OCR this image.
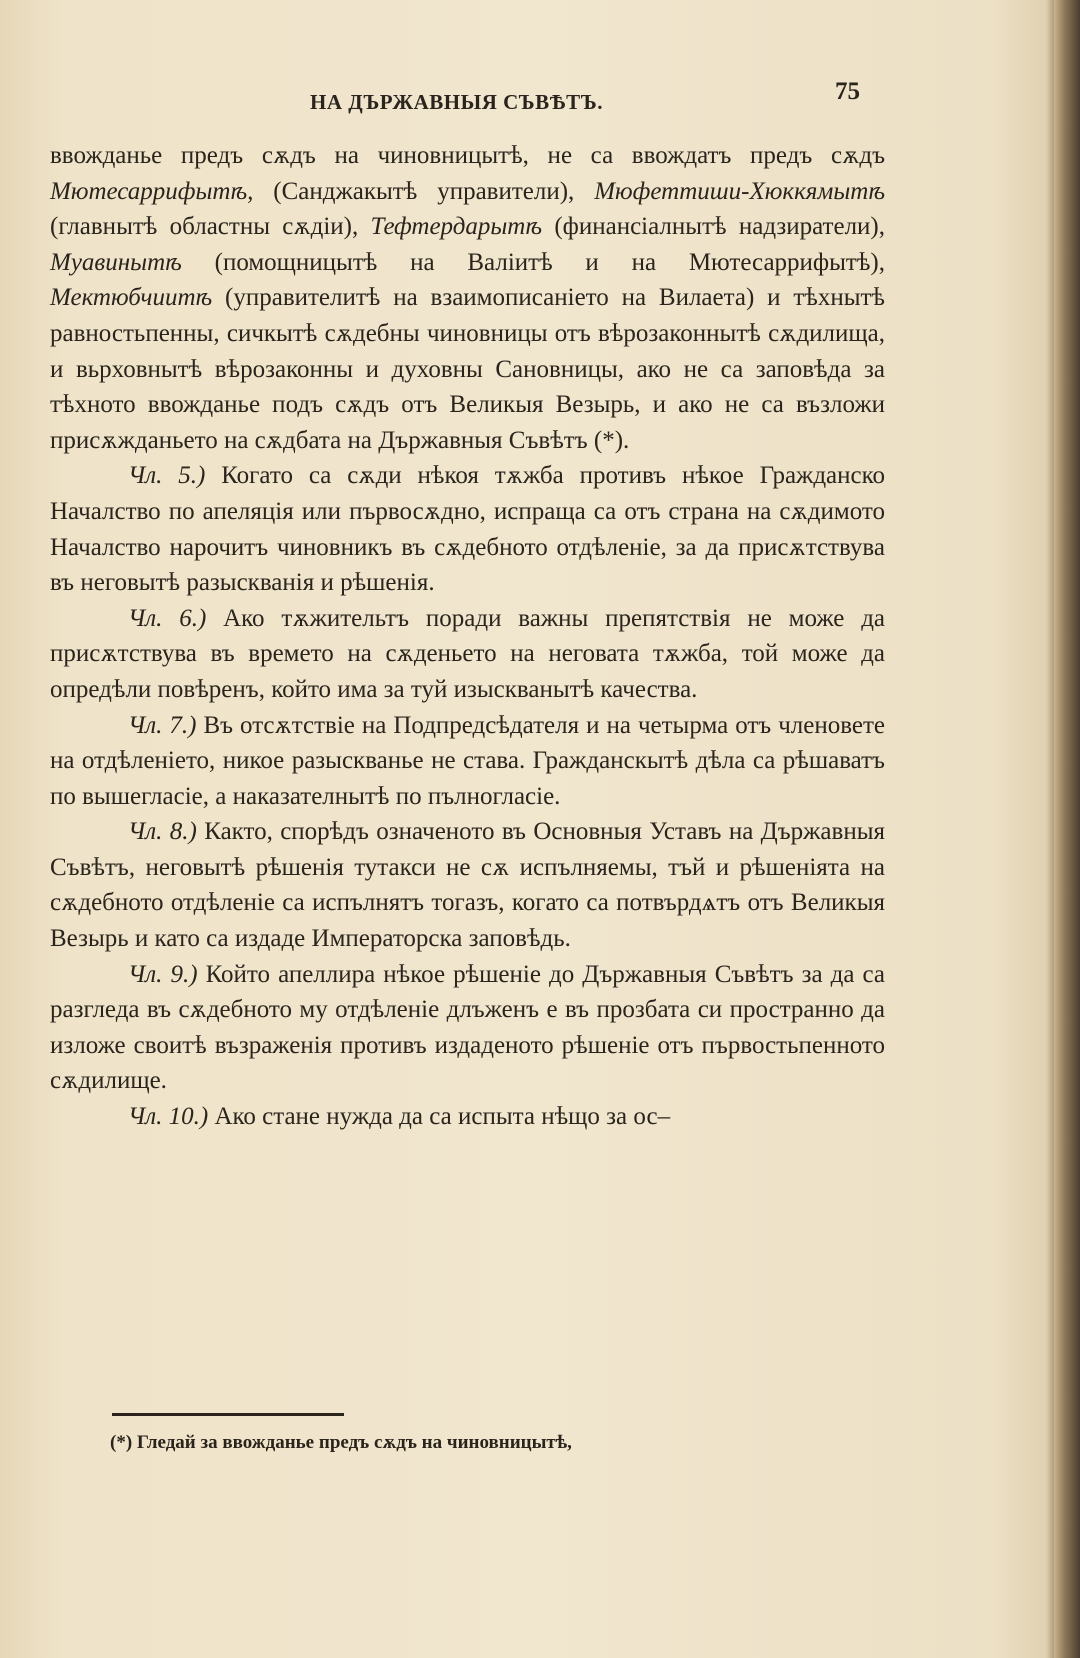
НА ДЪРЖАВНЫЯ СЪВѢТЪ.	75

ввожданье предъ сѫдъ на чиновницытѣ, не са ввождатъ предъ сѫдъ Мютесаррифытѣ, (Санджакытѣ управители), Мюфеттиши-Хюккямытѣ (главнытѣ областны сѫдіи), Тефтердарытѣ (финансіалнытѣ надзиратели), Муавинытѣ (помощницытѣ на Валiитѣ и на Мютесаррифытѣ), Мектюбчиитѣ (управителитѣ на взаимописаніето на Вилаета) и тѣхнытѣ равностьпенны, сичкытѣ сѫдебны чиновницы отъ вѣрозаконнытѣ сѫдилища, и вьрховнытѣ вѣрозаконны и духовны Сановницы, ако не са заповѣда за тѣхното ввожданье подъ сѫдъ отъ Великыя Везырь, и ако не са възложи присѫжданьето на сѫдбата на Държавныя Съвѣтъ (*).

Чл. 5.) Когато са сѫди нѣкоя тѫжба противъ нѣкое Гражданско Началство по апеляція или първосѫдно, испраща са отъ страна на сѫдимото Началство нарочитъ чиновникъ въ сѫдебното отдѣленіе, за да присѫтствува въ неговытѣ разыскванія и рѣшенія.

Чл. 6.) Ако тѫжительтъ поради важны препятствія не може да присѫтствува въ времето на сѫденьето на неговата тѫжба, той може да опредѣли повѣренъ, който има за туй изыскванытѣ качества.

Чл. 7.) Въ отсѫтствіе на Подпредсѣдателя и на четырма отъ членовете на отдѣленіето, никое разыскванье не става. Гражданскытѣ дѣла са рѣшаватъ по вышегласіе, а наказателнытѣ по пълногласіе.

Чл. 8.) Както, спорѣдъ означеното въ Основныя Уставъ на Държавныя Съвѣтъ, неговытѣ рѣшенія тутакси не сѫ испълняемы, тъй и рѣшеніята на сѫдебното отдѣленіе са испълнятъ тогазъ, когато са потвърдѧтъ отъ Великыя Везырь и като са издаде Императорска заповѣдь.

Чл. 9.) Който апеллира нѣкое рѣшеніе до Държавныя Съвѣтъ за да са разгледа въ сѫдебното му отдѣленіе длъженъ е въ прозбата си пространно да изложе своитѣ възраженія противъ издаденото рѣшеніе отъ първостьпенното сѫдилище.

Чл. 10.) Ако стане нужда да са испыта нѣщо за ос–

(*) Гледай за ввожданье предъ сѫдъ на чиновницытѣ,
